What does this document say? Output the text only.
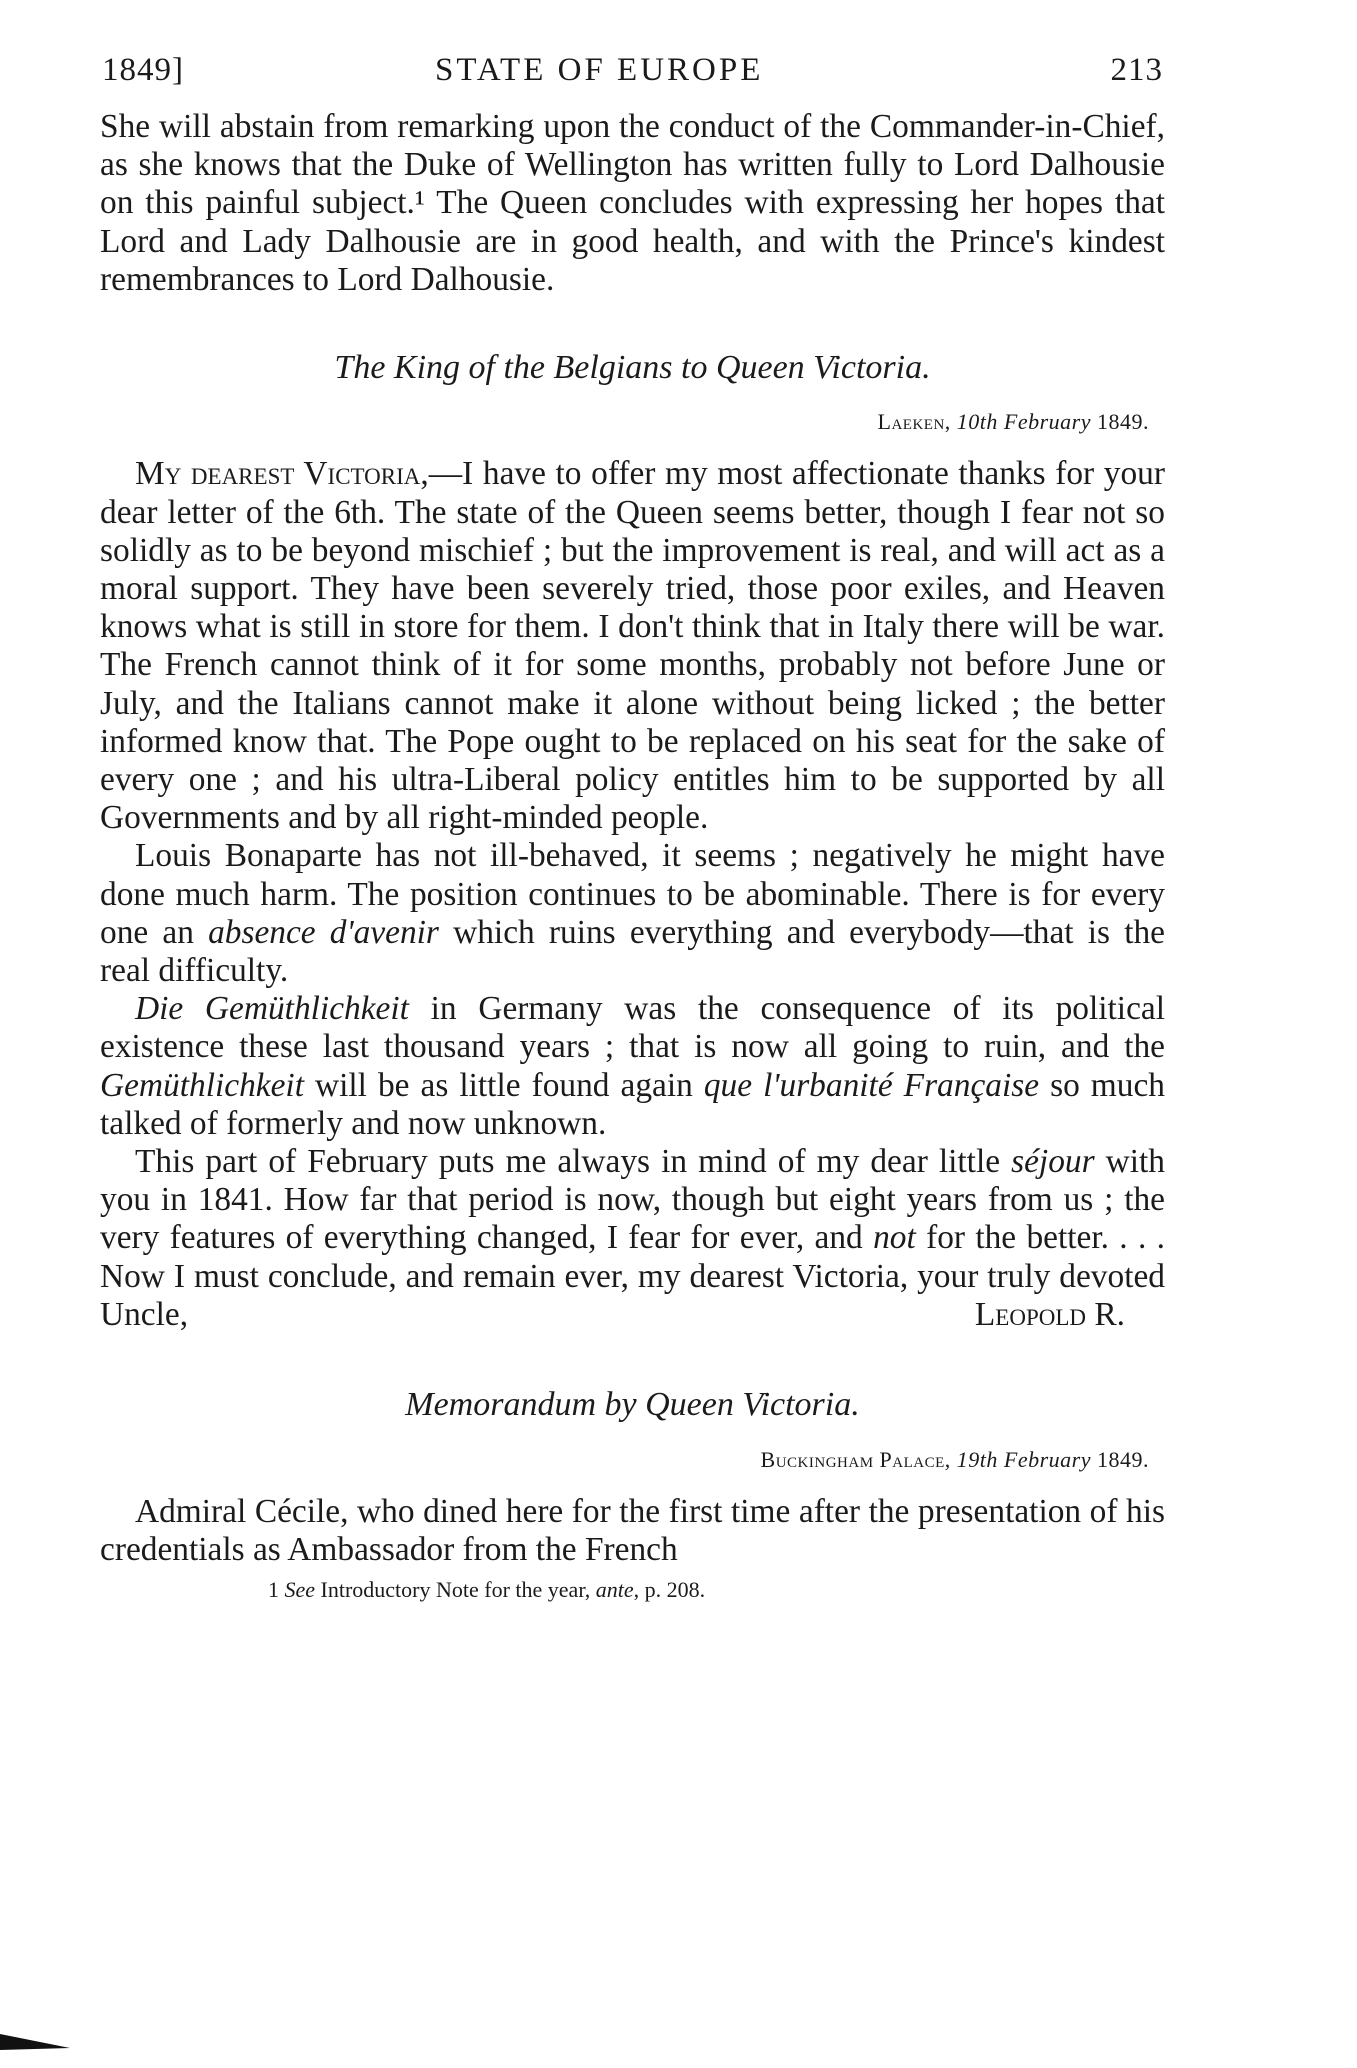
1849]	STATE OF EUROPE	213

She will abstain from remarking upon the conduct of the Commander-in-Chief, as she knows that the Duke of Wellington has written fully to Lord Dalhousie on this painful subject.¹ The Queen concludes with expressing her hopes that Lord and Lady Dalhousie are in good health, and with the Prince's kindest remembrances to Lord Dalhousie.

The King of the Belgians to Queen Victoria.
Laeken, 10th February 1849.

My dearest Victoria,—I have to offer my most affectionate thanks for your dear letter of the 6th. The state of the Queen seems better, though I fear not so solidly as to be beyond mischief ; but the improvement is real, and will act as a moral support. They have been severely tried, those poor exiles, and Heaven knows what is still in store for them. I don't think that in Italy there will be war. The French cannot think of it for some months, probably not before June or July, and the Italians cannot make it alone without being licked ; the better informed know that. The Pope ought to be replaced on his seat for the sake of every one ; and his ultra-Liberal policy entitles him to be supported by all Governments and by all right-minded people.

Louis Bonaparte has not ill-behaved, it seems ; negatively he might have done much harm. The position continues to be abominable. There is for every one an absence d'avenir which ruins everything and everybody—that is the real difficulty.

Die Gemüthlichkeit in Germany was the consequence of its political existence these last thousand years ; that is now all going to ruin, and the Gemüthlichkeit will be as little found again que l'urbanité Française so much talked of formerly and now unknown.

This part of February puts me always in mind of my dear little séjour with you in 1841. How far that period is now, though but eight years from us ; the very features of everything changed, I fear for ever, and not for the better. . . . Now I must conclude, and remain ever, my dearest Victoria, your truly devoted Uncle,	Leopold R.
Memorandum by Queen Victoria.
Buckingham Palace, 19th February 1849.

Admiral Cécile, who dined here for the first time after the presentation of his credentials as Ambassador from the French

1 See Introductory Note for the year, ante, p. 208.
